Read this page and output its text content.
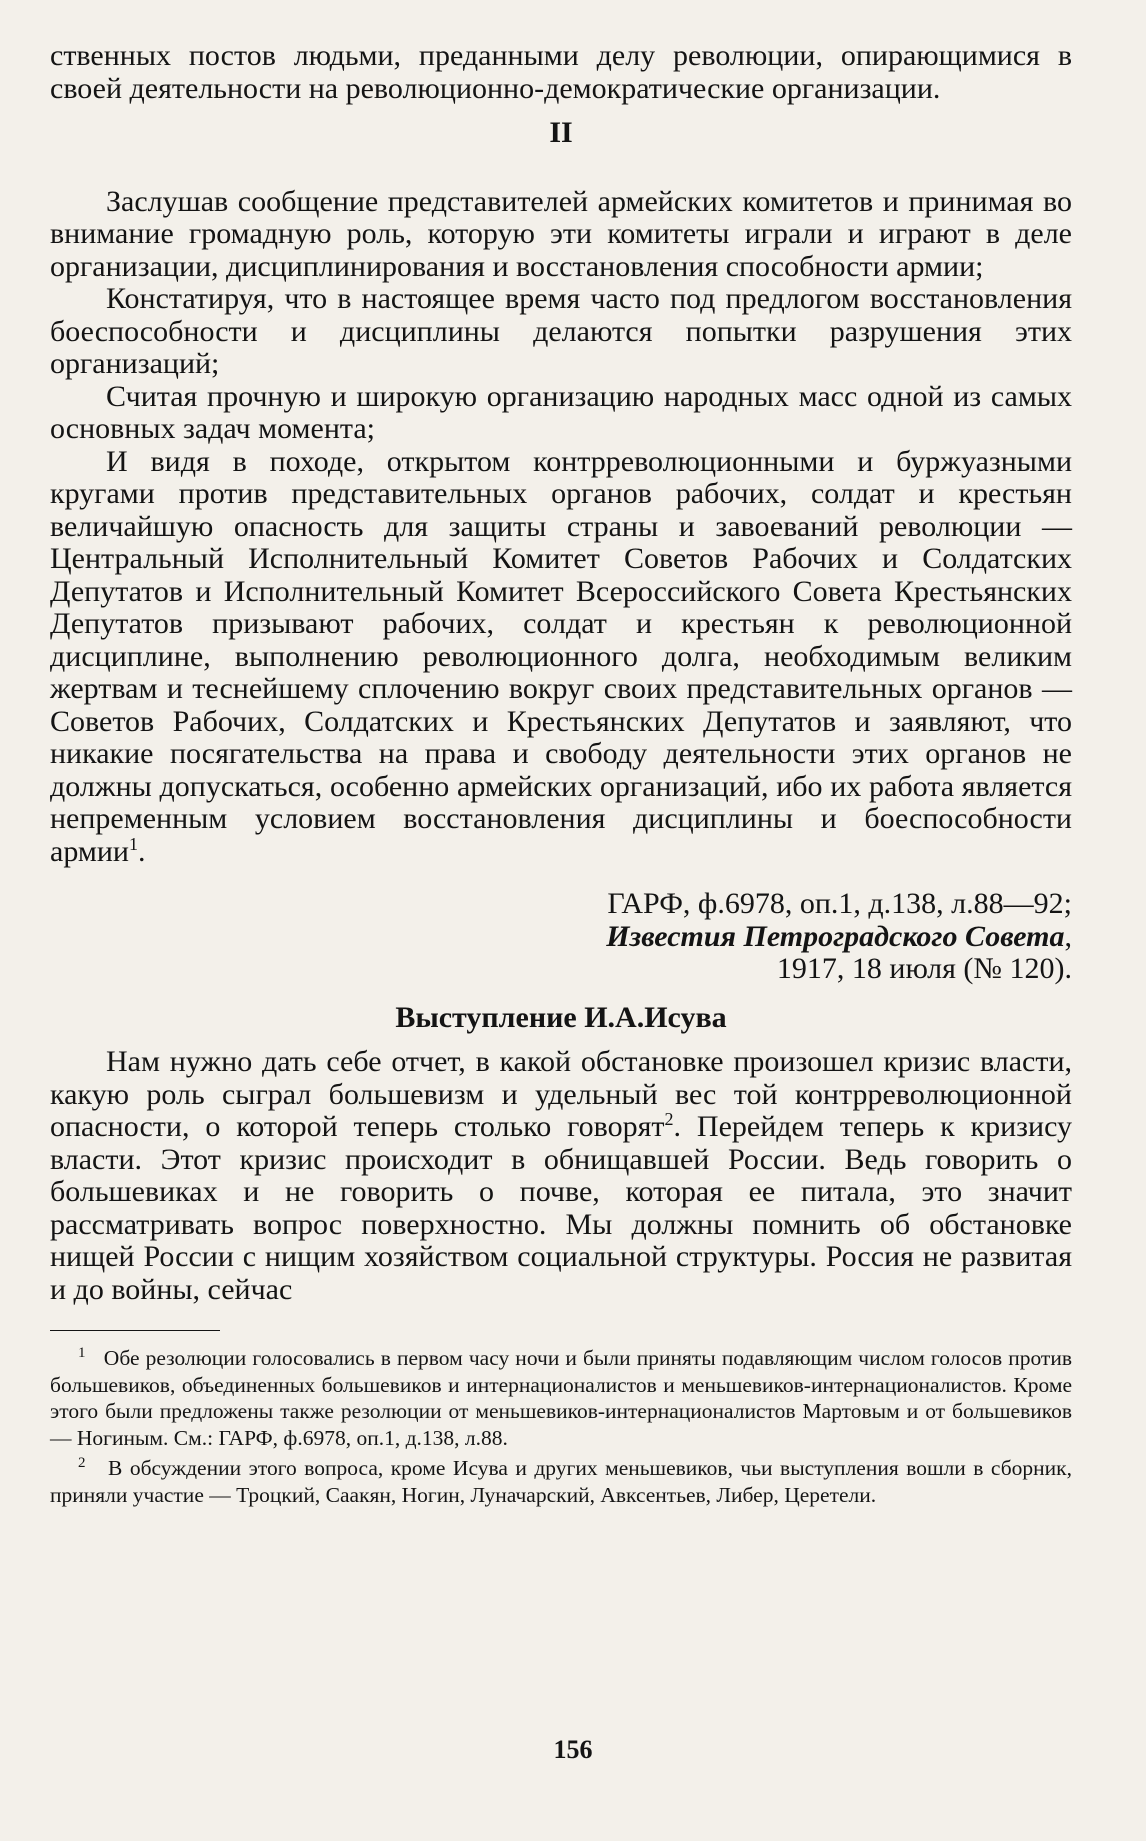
ственных постов людьми, преданными делу революции, опирающимися в своей деятельности на революционно-демократические организации.

II

Заслушав сообщение представителей армейских комитетов и принимая во внимание громадную роль, которую эти комитеты играли и играют в деле организации, дисциплинирования и восстановления способности армии;

Констатируя, что в настоящее время часто под предлогом восстановления боеспособности и дисциплины делаются попытки разрушения этих организаций;

Считая прочную и широкую организацию народных масс одной из самых основных задач момента;

И видя в походе, открытом контрреволюционными и буржуазными кругами против представительных органов рабочих, солдат и крестьян величайшую опасность для защиты страны и завоеваний революции — Центральный Исполнительный Комитет Советов Рабочих и Солдатских Депутатов и Исполнительный Комитет Всероссийского Совета Крестьянских Депутатов призывают рабочих, солдат и крестьян к революционной дисциплине, выполнению революционного долга, необходимым великим жертвам и теснейшему сплочению вокруг своих представительных органов — Советов Рабочих, Солдатских и Крестьянских Депутатов и заявляют, что никакие посягательства на права и свободу деятельности этих органов не должны допускаться, особенно армейских организаций, ибо их работа является непременным условием восстановления дисциплины и боеспособности армии$^1$.

ГАРФ, ф.6978, оп.1, д.138, л.88—92;
Известия Петроградского Совета,
1917, 18 июля (№ 120).

Выступление И.А.Исува

Нам нужно дать себе отчет, в какой обстановке произошел кризис власти, какую роль сыграл большевизм и удельный вес той контрреволюционной опасности, о которой теперь столько говорят$^2$. Перейдем теперь к кризису власти. Этот кризис происходит в обнищавшей России. Ведь говорить о большевиках и не говорить о почве, которая ее питала, это значит рассматривать вопрос поверхностно. Мы должны помнить об обстановке нищей России с нищим хозяйством социальной структуры. Россия не развитая и до войны, сейчас

$^1$ Обе резолюции голосовались в первом часу ночи и были приняты подавляющим числом голосов против большевиков, объединенных большевиков и интернационалистов и меньшевиков-интернационалистов. Кроме этого были предложены также резолюции от меньшевиков-интернационалистов Мартовым и от большевиков — Ногиным. См.: ГАРФ, ф.6978, оп.1, д.138, л.88.

$^2$ В обсуждении этого вопроса, кроме Исува и других меньшевиков, чьи выступления вошли в сборник, приняли участие — Троцкий, Саакян, Ногин, Луначарский, Авксентьев, Либер, Церетели.

156
